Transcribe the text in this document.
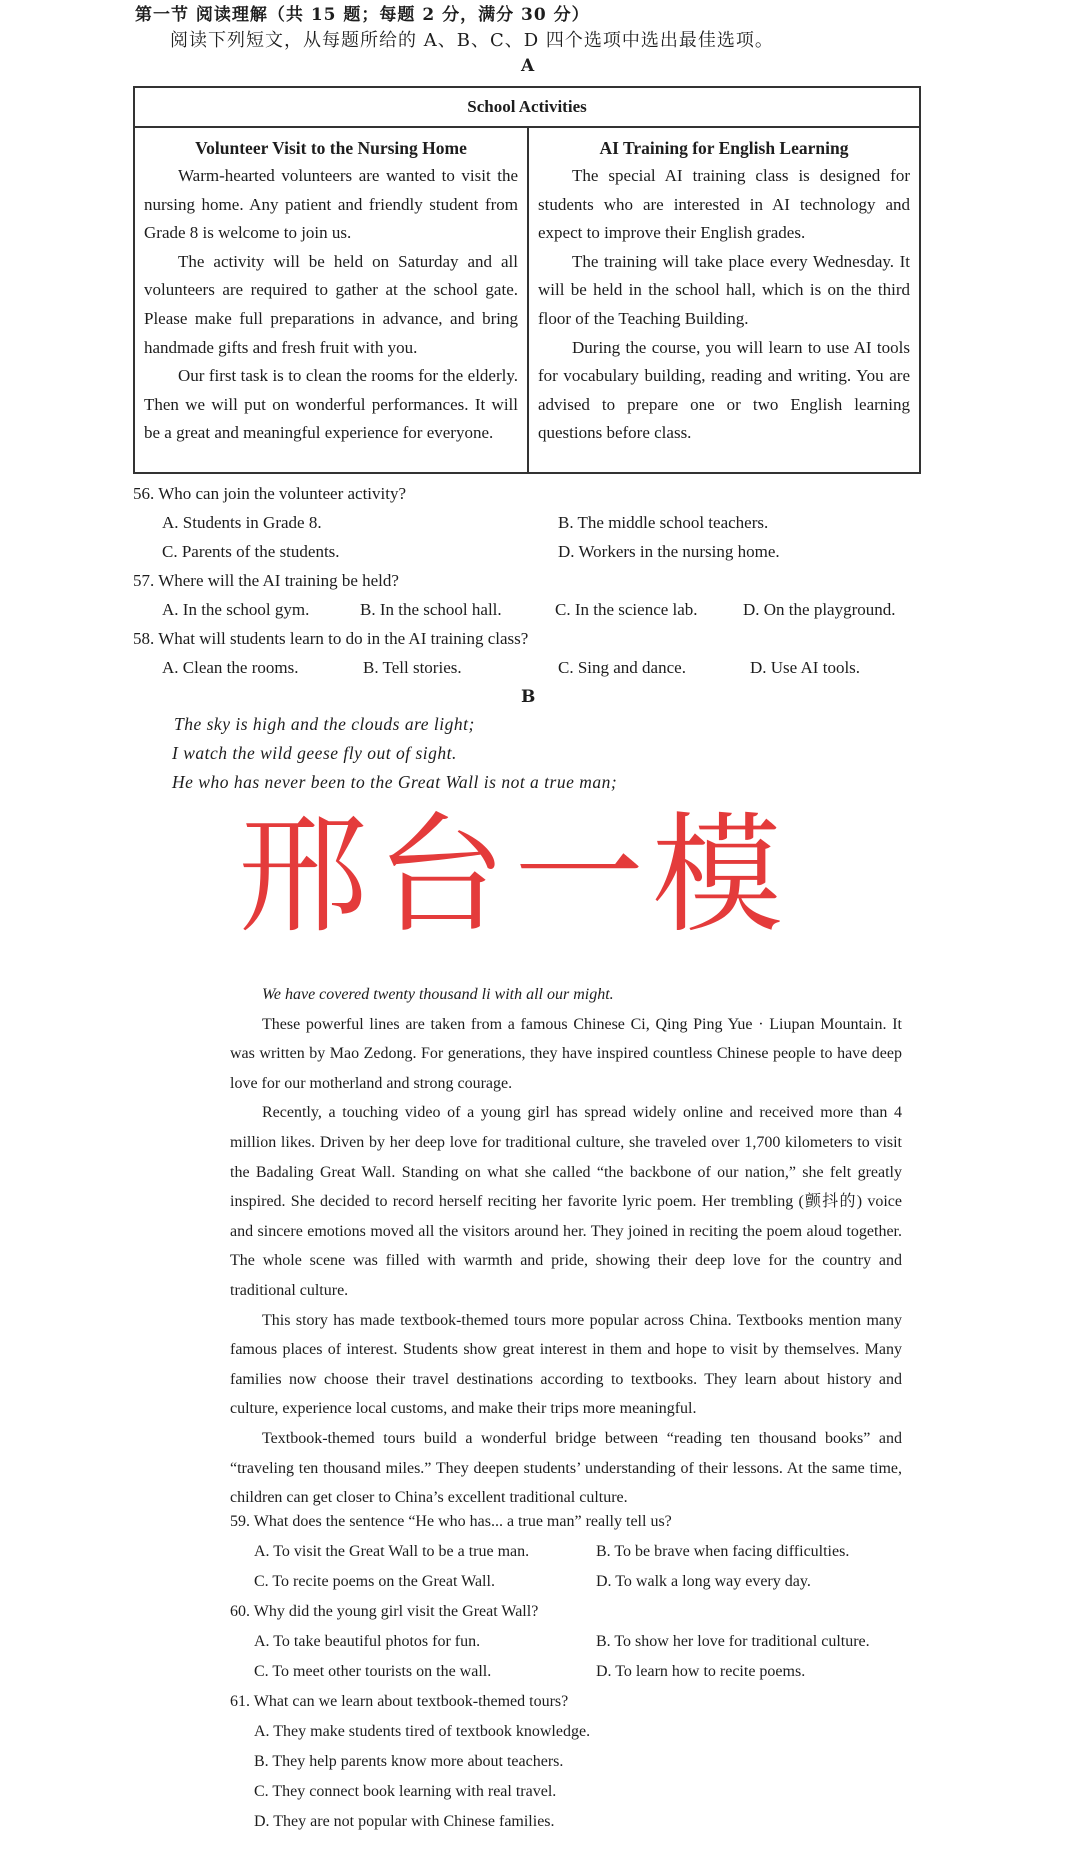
第一节 阅读理解（共 15 题；每题 2 分，满分 30 分）
阅读下列短文，从每题所给的 A、B、C、D 四个选项中选出最佳选项。
A
School Activities
Volunteer Visit to the Nursing Home

Warm-hearted volunteers are wanted to visit the nursing home. Any patient and friendly student from Grade 8 is welcome to join us.

The activity will be held on Saturday and all volunteers are required to gather at the school gate. Please make full preparations in advance, and bring handmade gifts and fresh fruit with you.

Our first task is to clean the rooms for the elderly. Then we will put on wonderful performances. It will be a great and meaningful experience for everyone.

AI Training for English Learning

The special AI training class is designed for students who are interested in AI technology and expect to improve their English grades.

The training will take place every Wednesday. It will be held in the school hall, which is on the third floor of the Teaching Building.

During the course, you will learn to use AI tools for vocabulary building, reading and writing. You are advised to prepare one or two English learning questions before class.

56. Who can join the volunteer activity?
A. Students in Grade 8.	B. The middle school teachers.
C. Parents of the students.	D. Workers in the nursing home.
57. Where will the AI training be held?
A. In the school gym.	B. In the school hall.	C. In the science lab.	D. On the playground.
58. What will students learn to do in the AI training class?
A. Clean the rooms.	B. Tell stories.	C. Sing and dance.	D. Use AI tools.
B
The sky is high and the clouds are light;
I watch the wild geese fly out of sight.
He who has never been to the Great Wall is not a true man;
邢台一模

We have covered twenty thousand li with all our might.

These powerful lines are taken from a famous Chinese Ci, Qing Ping Yue · Liupan Mountain. It was written by Mao Zedong. For generations, they have inspired countless Chinese people to have deep love for our motherland and strong courage.

Recently, a touching video of a young girl has spread widely online and received more than 4 million likes. Driven by her deep love for traditional culture, she traveled over 1,700 kilometers to visit the Badaling Great Wall. Standing on what she called “the backbone of our nation,” she felt greatly inspired. She decided to record herself reciting her favorite lyric poem. Her trembling (颤抖的) voice and sincere emotions moved all the visitors around her. They joined in reciting the poem aloud together. The whole scene was filled with warmth and pride, showing their deep love for the country and traditional culture.

This story has made textbook-themed tours more popular across China. Textbooks mention many famous places of interest. Students show great interest in them and hope to visit by themselves. Many families now choose their travel destinations according to textbooks. They learn about history and culture, experience local customs, and make their trips more meaningful.

Textbook-themed tours build a wonderful bridge between “reading ten thousand books” and “traveling ten thousand miles.” They deepen students’ understanding of their lessons. At the same time, children can get closer to China’s excellent traditional culture.

59. What does the sentence “He who has... a true man” really tell us?
A. To visit the Great Wall to be a true man.	B. To be brave when facing difficulties.
C. To recite poems on the Great Wall.	D. To walk a long way every day.
60. Why did the young girl visit the Great Wall?
A. To take beautiful photos for fun.	B. To show her love for traditional culture.
C. To meet other tourists on the wall.	D. To learn how to recite poems.
61. What can we learn about textbook-themed tours?
A. They make students tired of textbook knowledge.
B. They help parents know more about teachers.
C. They connect book learning with real travel.
D. They are not popular with Chinese families.
